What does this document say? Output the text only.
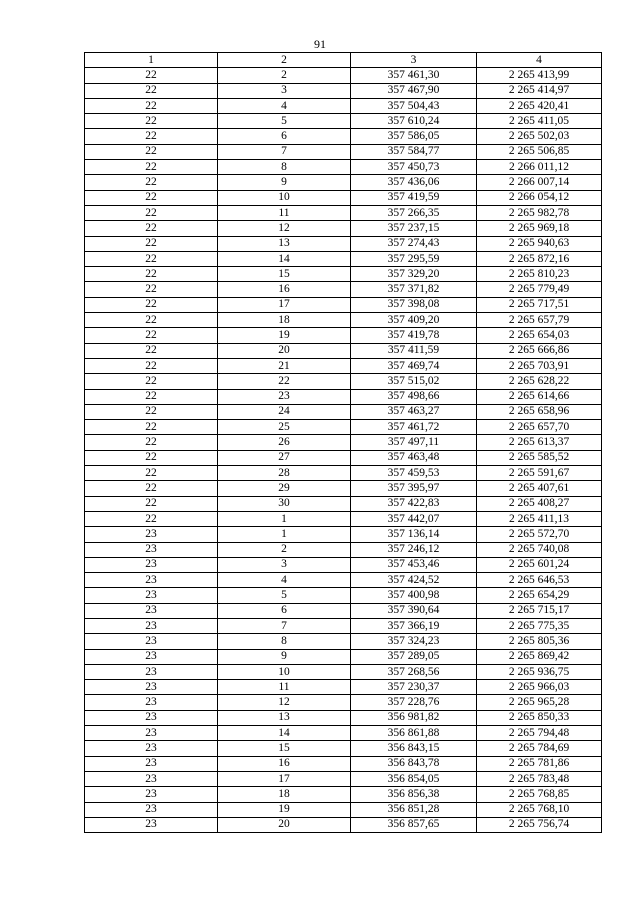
91
1	2	3	4
22	2	357 461,30	2 265 413,99
22	3	357 467,90	2 265 414,97
22	4	357 504,43	2 265 420,41
22	5	357 610,24	2 265 411,05
22	6	357 586,05	2 265 502,03
22	7	357 584,77	2 265 506,85
22	8	357 450,73	2 266 011,12
22	9	357 436,06	2 266 007,14
22	10	357 419,59	2 266 054,12
22	11	357 266,35	2 265 982,78
22	12	357 237,15	2 265 969,18
22	13	357 274,43	2 265 940,63
22	14	357 295,59	2 265 872,16
22	15	357 329,20	2 265 810,23
22	16	357 371,82	2 265 779,49
22	17	357 398,08	2 265 717,51
22	18	357 409,20	2 265 657,79
22	19	357 419,78	2 265 654,03
22	20	357 411,59	2 265 666,86
22	21	357 469,74	2 265 703,91
22	22	357 515,02	2 265 628,22
22	23	357 498,66	2 265 614,66
22	24	357 463,27	2 265 658,96
22	25	357 461,72	2 265 657,70
22	26	357 497,11	2 265 613,37
22	27	357 463,48	2 265 585,52
22	28	357 459,53	2 265 591,67
22	29	357 395,97	2 265 407,61
22	30	357 422,83	2 265 408,27
22	1	357 442,07	2 265 411,13
23	1	357 136,14	2 265 572,70
23	2	357 246,12	2 265 740,08
23	3	357 453,46	2 265 601,24
23	4	357 424,52	2 265 646,53
23	5	357 400,98	2 265 654,29
23	6	357 390,64	2 265 715,17
23	7	357 366,19	2 265 775,35
23	8	357 324,23	2 265 805,36
23	9	357 289,05	2 265 869,42
23	10	357 268,56	2 265 936,75
23	11	357 230,37	2 265 966,03
23	12	357 228,76	2 265 965,28
23	13	356 981,82	2 265 850,33
23	14	356 861,88	2 265 794,48
23	15	356 843,15	2 265 784,69
23	16	356 843,78	2 265 781,86
23	17	356 854,05	2 265 783,48
23	18	356 856,38	2 265 768,85
23	19	356 851,28	2 265 768,10
23	20	356 857,65	2 265 756,74
